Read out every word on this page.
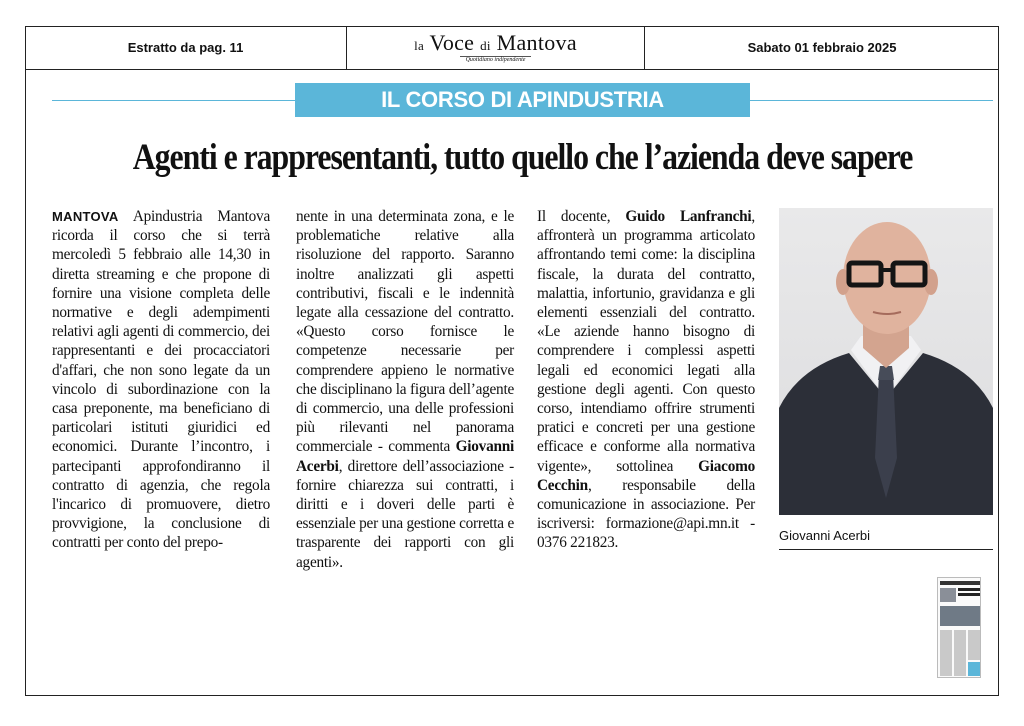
Estratto da pag. 11	la Voce di Mantova
Quotidiano indipendente
Sabato 01 febbraio 2025
IL CORSO DI APINDUSTRIA
Agenti e rappresentanti, tutto quello che l’azienda deve sapere
MANTOVA Apindustria Mantova ricorda il corso che si terrà mercoledì 5 febbraio alle 14,30 in diretta streaming e che propone di fornire una visione completa delle normative e degli adempimenti relativi agli agenti di commercio, dei rappresentanti e dei procacciatori d'affari, che non sono legate da un vincolo di subordinazione con la casa preponente, ma beneficiano di particolari istituti giuridici ed economici. Durante l’incontro, i partecipanti approfondiranno il contratto di agenzia, che regola l'incarico di promuovere, dietro provvigione, la conclusione di contratti per conto del prepo-
nente in una determinata zona, e le problematiche relative alla risoluzione del rapporto. Saranno inoltre analizzati gli aspetti contributivi, fiscali e le indennità legate alla cessazione del contratto. «Questo corso fornisce le competenze necessarie per comprendere appieno le normative che disciplinano la figura dell’agente di commercio, una delle professioni più rilevanti nel panorama commerciale - commenta Giovanni Acerbi, direttore dell’associazione - fornire chiarezza sui contratti, i diritti e i doveri delle parti è essenziale per una gestione corretta e trasparente dei rapporti con gli agenti».
Il docente, Guido Lanfranchi, affronterà un programma articolato affrontando temi come: la disciplina fiscale, la durata del contratto, malattia, infortunio, gravidanza e gli elementi essenziali del contratto. «Le aziende hanno bisogno di comprendere i complessi aspetti legali ed economici legati alla gestione degli agenti. Con questo corso, intendiamo offrire strumenti pratici e concreti per una gestione efficace e conforme alla normativa vigente», sottolinea Giacomo Cecchin, responsabile della comunicazione in associazione. Per iscriversi: formazione@api.mn.it - 0376 221823.	Giovanni Acerbi
